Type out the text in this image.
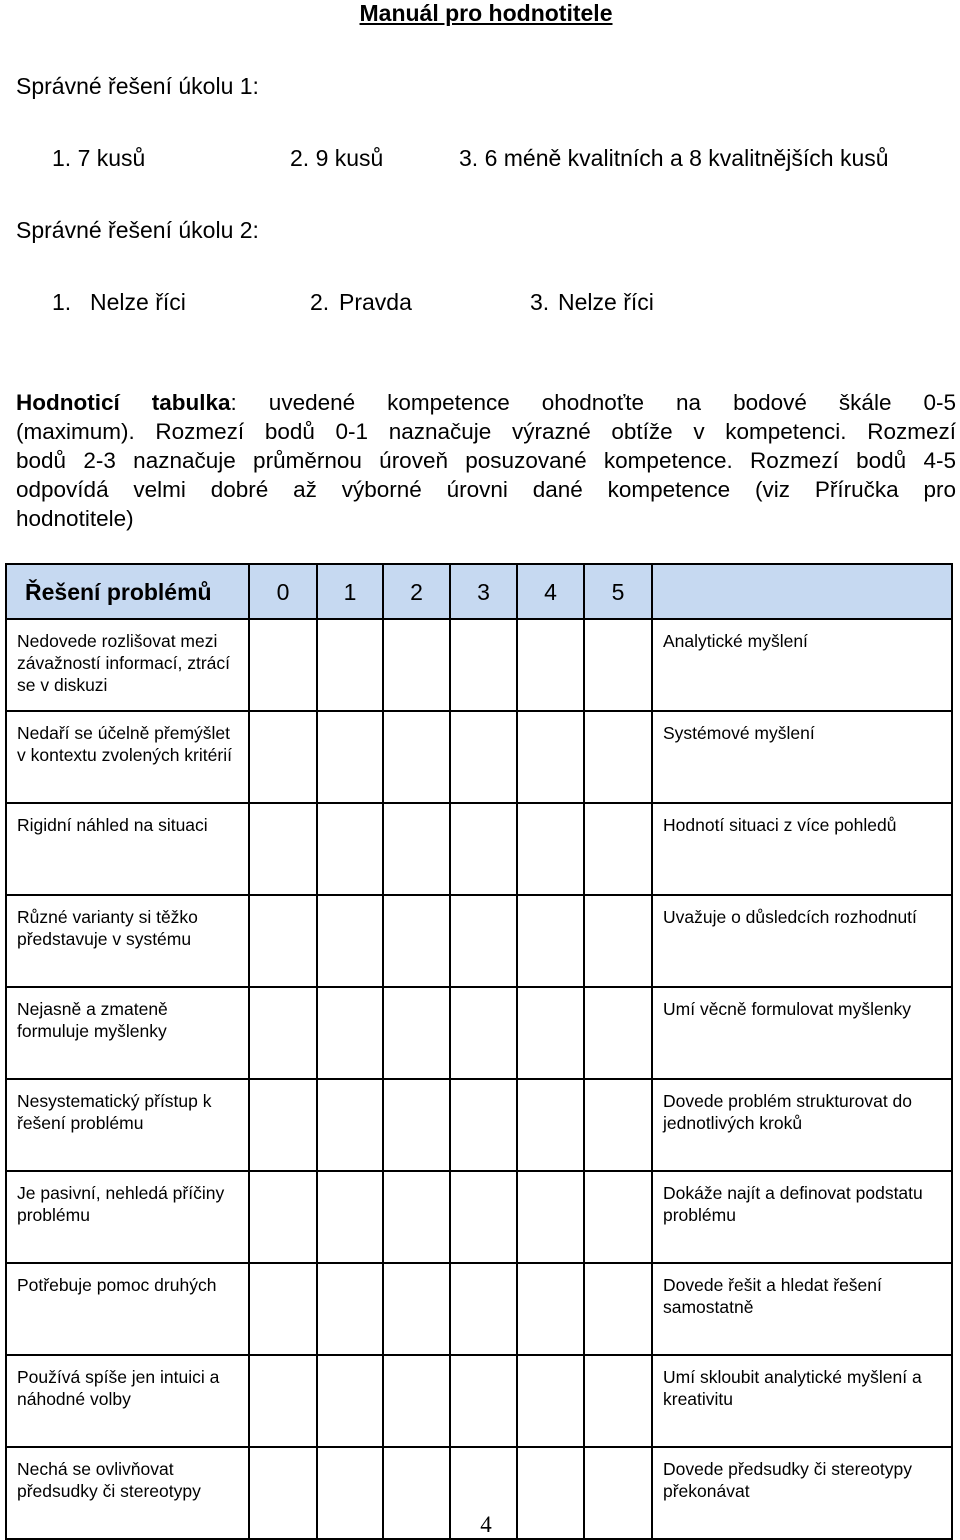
Manuál pro hodnotitele
Správné řešení úkolu 1:
1. 7 kusů	2. 9 kusů	3. 6 méně kvalitních a 8 kvalitnějších kusů
Správné řešení úkolu 2:
1. Nelze říci	2. Pravda	3. Nelze říci
Hodnoticí tabulka: uvedené kompetence ohodnoťte na bodové škále 0-5
(maximum). Rozmezí bodů 0-1 naznačuje výrazné obtíže v kompetenci. Rozmezí
bodů 2-3 naznačuje průměrnou úroveň posuzované kompetence. Rozmezí bodů 4-5
odpovídá velmi dobré až výborné úrovni dané kompetence (viz Příručka pro
hodnotitele)
Řešení problémů	0	1	2	3	4	5	
Nedovede rozlišovat mezi závažností informací, ztrácí se v diskuzi							Analytické myšlení
Nedaří se účelně přemýšlet v kontextu zvolených kritérií							Systémové myšlení
Rigidní náhled na situaci							Hodnotí situaci z více pohledů
Různé varianty si těžko představuje v systému							Uvažuje o důsledcích rozhodnutí
Nejasně a zmateně formuluje myšlenky							Umí věcně formulovat myšlenky
Nesystematický přístup k řešení problému							Dovede problém strukturovat do jednotlivých kroků
Je pasivní, nehledá příčiny problému							Dokáže najít a definovat podstatu problému
Potřebuje pomoc druhých							Dovede řešit a hledat řešení samostatně
Používá spíše jen intuici a náhodné volby							Umí skloubit analytické myšlení a kreativitu
Nechá se ovlivňovat předsudky či stereotypy							Dovede předsudky či stereotypy překonávat
4
